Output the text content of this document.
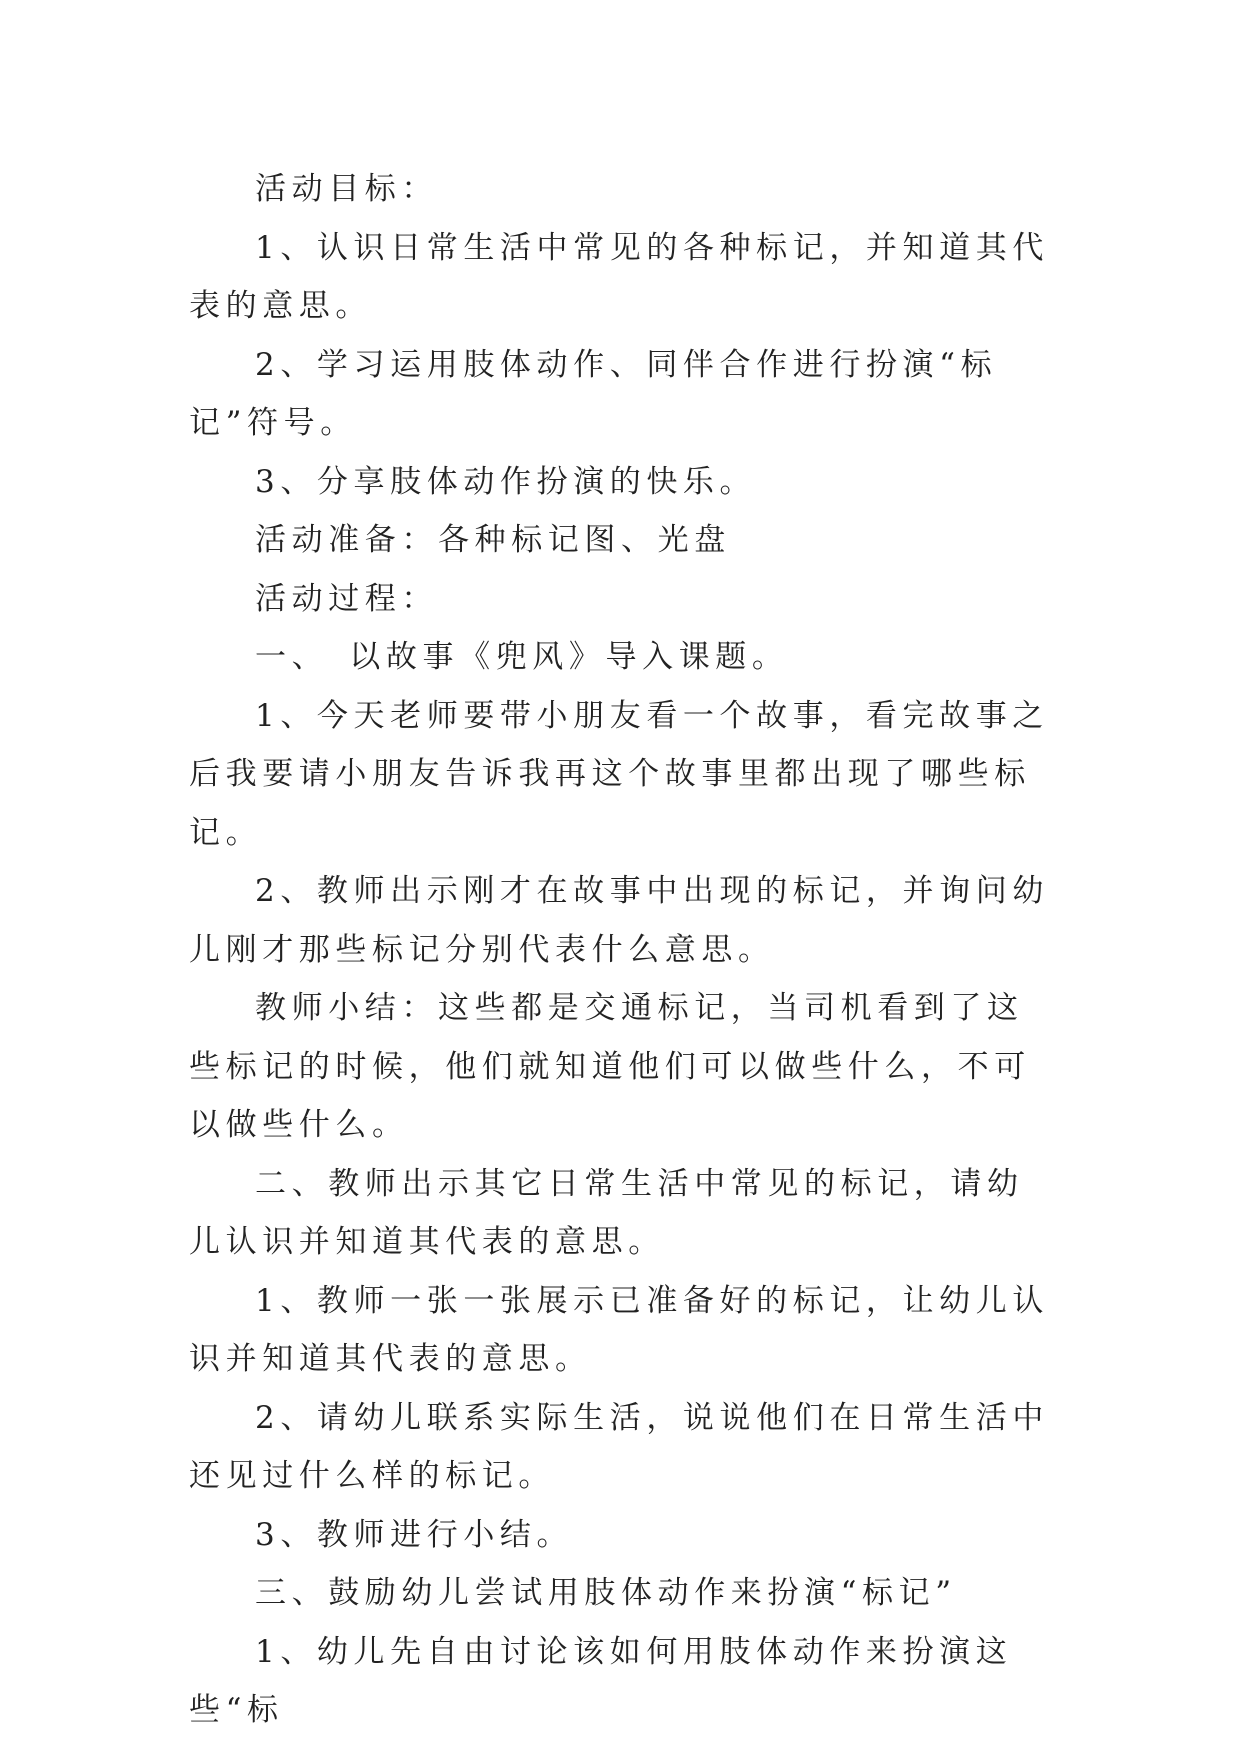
活动目标：

1、认识日常生活中常见的各种标记，并知道其代表的意思。

2、学习运用肢体动作、同伴合作进行扮演“标记”符号。

3、分享肢体动作扮演的快乐。

活动准备：各种标记图、光盘

活动过程：

一、　以故事《兜风》导入课题。

1、今天老师要带小朋友看一个故事，看完故事之后我要请小朋友告诉我再这个故事里都出现了哪些标记。

2、教师出示刚才在故事中出现的标记，并询问幼儿刚才那些标记分别代表什么意思。

教师小结：这些都是交通标记，当司机看到了这些标记的时候，他们就知道他们可以做些什么，不可以做些什么。

二、教师出示其它日常生活中常见的标记，请幼儿认识并知道其代表的意思。

1、教师一张一张展示已准备好的标记，让幼儿认识并知道其代表的意思。

2、请幼儿联系实际生活，说说他们在日常生活中还见过什么样的标记。

3、教师进行小结。

三、鼓励幼儿尝试用肢体动作来扮演“标记”

1、幼儿先自由讨论该如何用肢体动作来扮演这些“标
